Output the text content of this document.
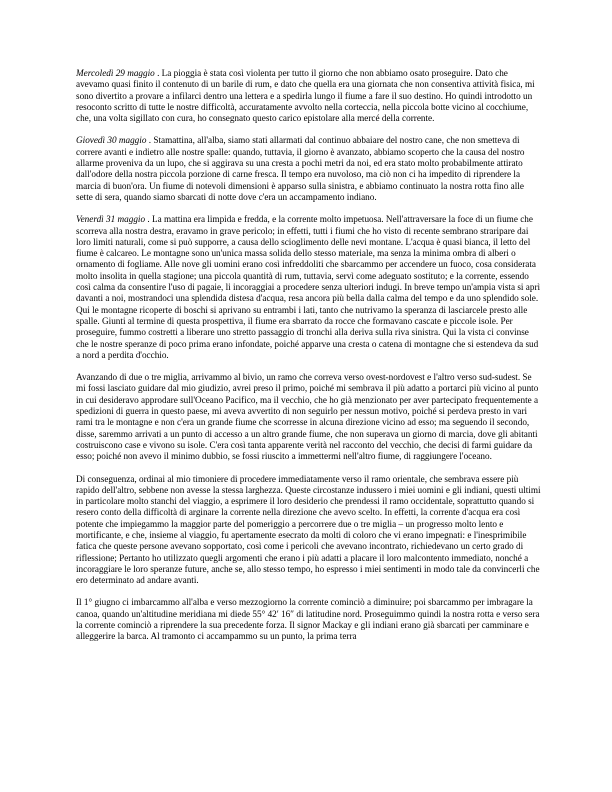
Mercoledì 29 maggio . La pioggia è stata così violenta per tutto il giorno che non abbiamo osato proseguire. Dato che avevamo quasi finito il contenuto di un barile di rum, e dato che quella era una giornata che non consentiva attività fisica, mi sono divertito a provare a infilarci dentro una lettera e a spedirla lungo il fiume a fare il suo destino. Ho quindi introdotto un resoconto scritto di tutte le nostre difficoltà, accuratamente avvolto nella corteccia, nella piccola botte vicino al cocchiume, che, una volta sigillato con cura, ho consegnato questo carico epistolare alla mercé della corrente.

Giovedì 30 maggio . Stamattina, all'alba, siamo stati allarmati dal continuo abbaiare del nostro cane, che non smetteva di correre avanti e indietro alle nostre spalle: quando, tuttavia, il giorno è avanzato, abbiamo scoperto che la causa del nostro allarme proveniva da un lupo, che si aggirava su una cresta a pochi metri da noi, ed era stato molto probabilmente attirato dall'odore della nostra piccola porzione di carne fresca. Il tempo era nuvoloso, ma ciò non ci ha impedito di riprendere la marcia di buon'ora. Un fiume di notevoli dimensioni è apparso sulla sinistra, e abbiamo continuato la nostra rotta fino alle sette di sera, quando siamo sbarcati di notte dove c'era un accampamento indiano.

Venerdì 31 maggio . La mattina era limpida e fredda, e la corrente molto impetuosa. Nell'attraversare la foce di un fiume che scorreva alla nostra destra, eravamo in grave pericolo; in effetti, tutti i fiumi che ho visto di recente sembrano straripare dai loro limiti naturali, come si può supporre, a causa dello scioglimento delle nevi montane. L'acqua è quasi bianca, il letto del fiume è calcareo. Le montagne sono un'unica massa solida dello stesso materiale, ma senza la minima ombra di alberi o ornamento di fogliame. Alle nove gli uomini erano così infreddoliti che sbarcammo per accendere un fuoco, cosa considerata molto insolita in quella stagione; una piccola quantità di rum, tuttavia, servì come adeguato sostituto; e la corrente, essendo così calma da consentire l'uso di pagaie, li incoraggiai a procedere senza ulteriori indugi. In breve tempo un'ampia vista si aprì davanti a noi, mostrandoci una splendida distesa d'acqua, resa ancora più bella dalla calma del tempo e da uno splendido sole. Qui le montagne ricoperte di boschi si aprivano su entrambi i lati, tanto che nutrivamo la speranza di lasciarcele presto alle spalle. Giunti al termine di questa prospettiva, il fiume era sbarrato da rocce che formavano cascate e piccole isole. Per proseguire, fummo costretti a liberare uno stretto passaggio di tronchi alla deriva sulla riva sinistra. Qui la vista ci convinse che le nostre speranze di poco prima erano infondate, poiché apparve una cresta o catena di montagne che si estendeva da sud a nord a perdita d'occhio.

Avanzando di due o tre miglia, arrivammo al bivio, un ramo che correva verso ovest-nordovest e l'altro verso sud-sudest. Se mi fossi lasciato guidare dal mio giudizio, avrei preso il primo, poiché mi sembrava il più adatto a portarci più vicino al punto in cui desideravo approdare sull'Oceano Pacifico, ma il vecchio, che ho già menzionato per aver partecipato frequentemente a spedizioni di guerra in questo paese, mi aveva avvertito di non seguirlo per nessun motivo, poiché si perdeva presto in vari rami tra le montagne e non c'era un grande fiume che scorresse in alcuna direzione vicino ad esso; ma seguendo il secondo, disse, saremmo arrivati a un punto di accesso a un altro grande fiume, che non superava un giorno di marcia, dove gli abitanti costruiscono case e vivono su isole. C'era così tanta apparente verità nel racconto del vecchio, che decisi di farmi guidare da esso; poiché non avevo il minimo dubbio, se fossi riuscito a immettermi nell'altro fiume, di raggiungere l'oceano.

Di conseguenza, ordinai al mio timoniere di procedere immediatamente verso il ramo orientale, che sembrava essere più rapido dell'altro, sebbene non avesse la stessa larghezza. Queste circostanze indussero i miei uomini e gli indiani, questi ultimi in particolare molto stanchi del viaggio, a esprimere il loro desiderio che prendessi il ramo occidentale, soprattutto quando si resero conto della difficoltà di arginare la corrente nella direzione che avevo scelto. In effetti, la corrente d'acqua era così potente che impiegammo la maggior parte del pomeriggio a percorrere due o tre miglia – un progresso molto lento e mortificante, e che, insieme al viaggio, fu apertamente esecrato da molti di coloro che vi erano impegnati: e l'inesprimibile fatica che queste persone avevano sopportato, così come i pericoli che avevano incontrato, richiedevano un certo grado di riflessione; Pertanto ho utilizzato quegli argomenti che erano i più adatti a placare il loro malcontento immediato, nonché a incoraggiare le loro speranze future, anche se, allo stesso tempo, ho espresso i miei sentimenti in modo tale da convincerli che ero determinato ad andare avanti.

Il 1° giugno ci imbarcammo all'alba e verso mezzogiorno la corrente cominciò a diminuire; poi sbarcammo per imbragare la canoa, quando un'altitudine meridiana mi diede 55° 42′ 16″ di latitudine nord. Proseguimmo quindi la nostra rotta e verso sera la corrente cominciò a riprendere la sua precedente forza. Il signor Mackay e gli indiani erano già sbarcati per camminare e alleggerire la barca. Al tramonto ci accampammo su un punto, la prima terra
